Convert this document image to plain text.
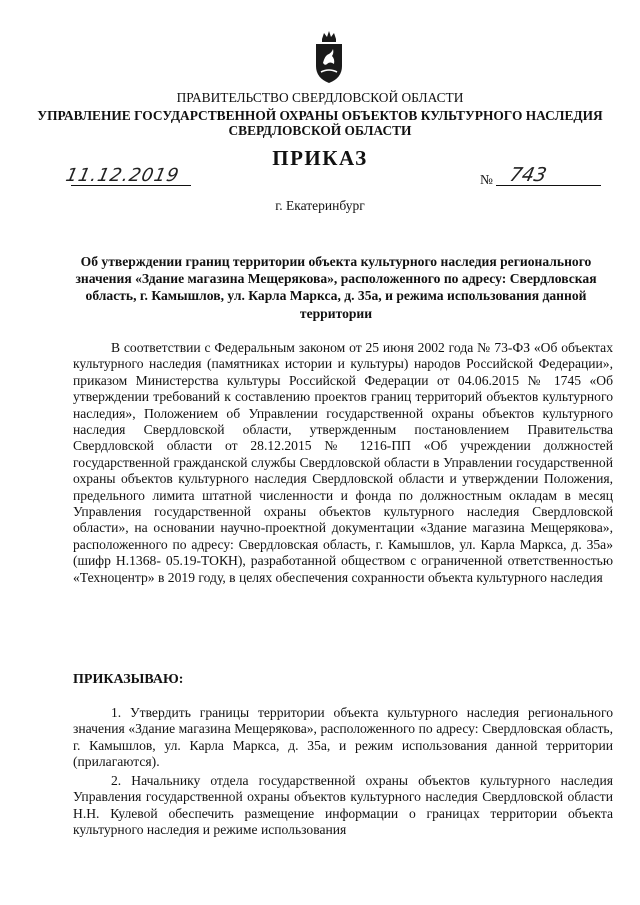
ПРАВИТЕЛЬСТВО СВЕРДЛОВСКОЙ ОБЛАСТИ
УПРАВЛЕНИЕ ГОСУДАРСТВЕННОЙ ОХРАНЫ ОБЪЕКТОВ КУЛЬТУРНОГО НАСЛЕДИЯ
СВЕРДЛОВСКОЙ ОБЛАСТИ
ПРИКАЗ
11.12.2019	№ 743
г. Екатеринбург
Об утверждении границ территории объекта культурного наследия регионального значения «Здание магазина Мещерякова», расположенного по адресу: Свердловская область, г. Камышлов, ул. Карла Маркса, д. 35а, и режима использования данной территории
В соответствии с Федеральным законом от 25 июня 2002 года № 73-ФЗ «Об объектах культурного наследия (памятниках истории и культуры) народов Российской Федерации», приказом Министерства культуры Российской Федерации от 04.06.2015 № 1745 «Об утверждении требований к составлению проектов границ территорий объектов культурного наследия», Положением об Управлении государственной охраны объектов культурного наследия Свердловской области, утвержденным постановлением Правительства Свердловской области от 28.12.2015 № 1216-ПП «Об учреждении должностей государственной гражданской службы Свердловской области в Управлении государственной охраны объектов культурного наследия Свердловской области и утверждении Положения, предельного лимита штатной численности и фонда по должностным окладам в месяц Управления государственной охраны объектов культурного наследия Свердловской области», на основании научно-проектной документации «Здание магазина Мещерякова», расположенного по адресу: Свердловская область, г. Камышлов, ул. Карла Маркса, д. 35а» (шифр Н.1368- 05.19-ТОКН), разработанной обществом с ограниченной ответственностью «Техноцентр» в 2019 году, в целях обеспечения сохранности объекта культурного наследия
ПРИКАЗЫВАЮ:
1. Утвердить границы территории объекта культурного наследия регионального значения «Здание магазина Мещерякова», расположенного по адресу: Свердловская область, г. Камышлов, ул. Карла Маркса, д. 35а, и режим использования данной территории (прилагаются).
2. Начальнику отдела государственной охраны объектов культурного наследия Управления государственной охраны объектов культурного наследия Свердловской области Н.Н. Кулевой обеспечить размещение информации о границах территории объекта культурного наследия и режиме использования
